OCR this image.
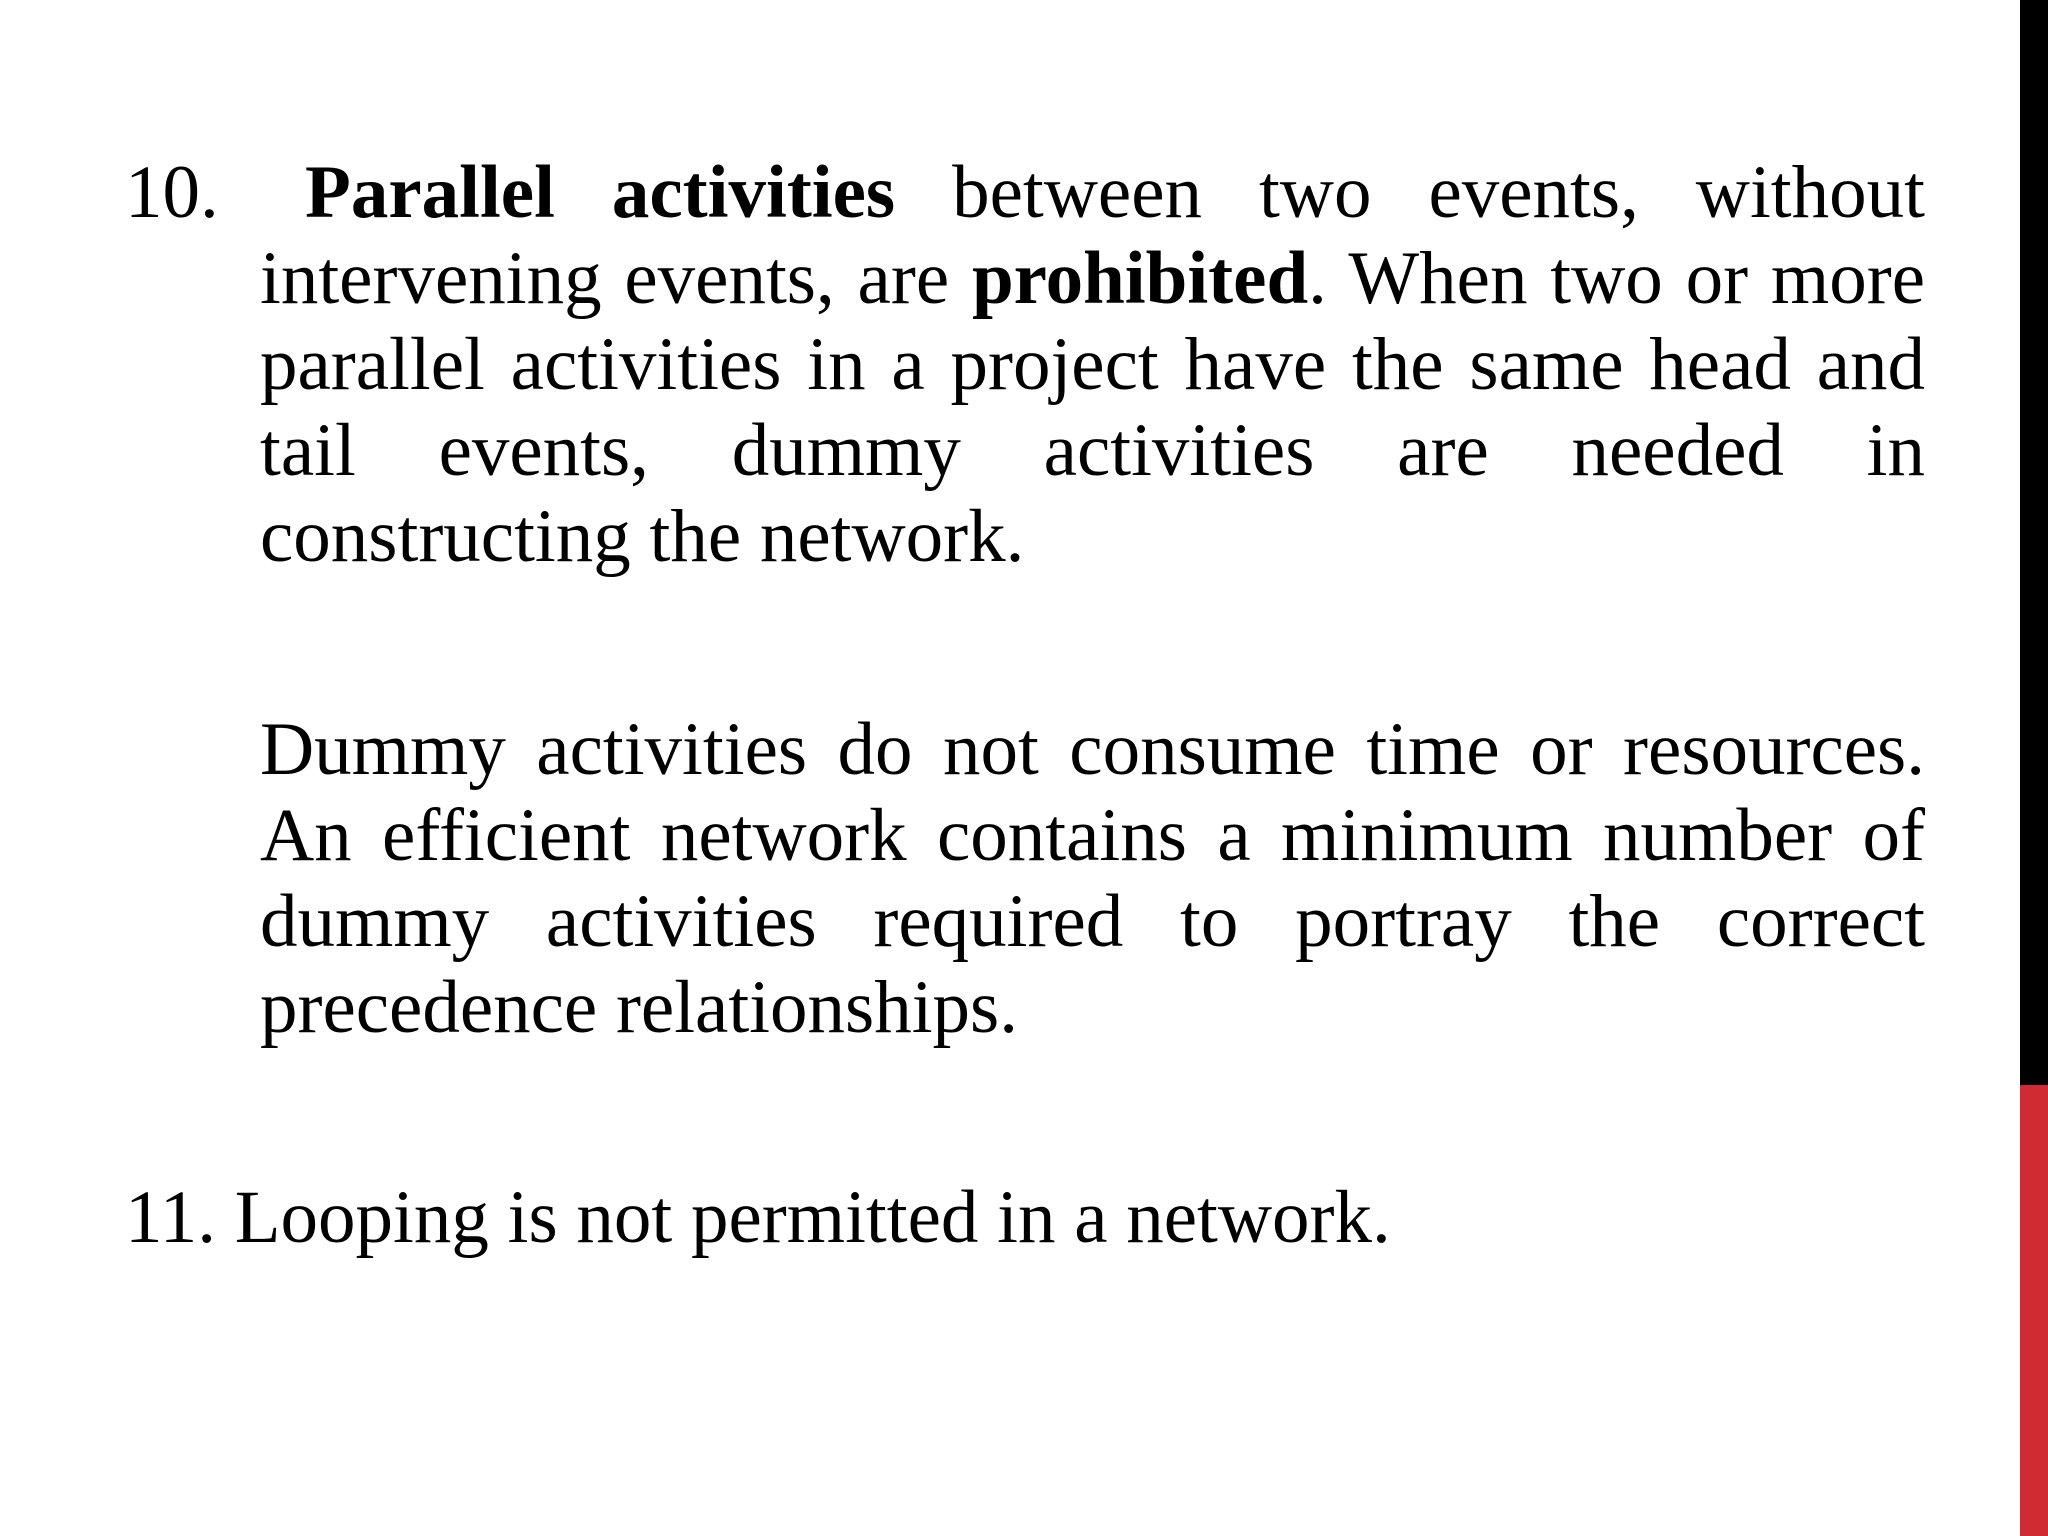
10.	Parallel activities between two events, without intervening events, are prohibited. When two or more parallel activities in a project have the same head and tail events, dummy activities are needed in constructing the network.
Dummy activities do not consume time or resources. An efficient network contains a minimum number of dummy activities required to portray the correct precedence relationships.
11. Looping is not permitted in a network.
